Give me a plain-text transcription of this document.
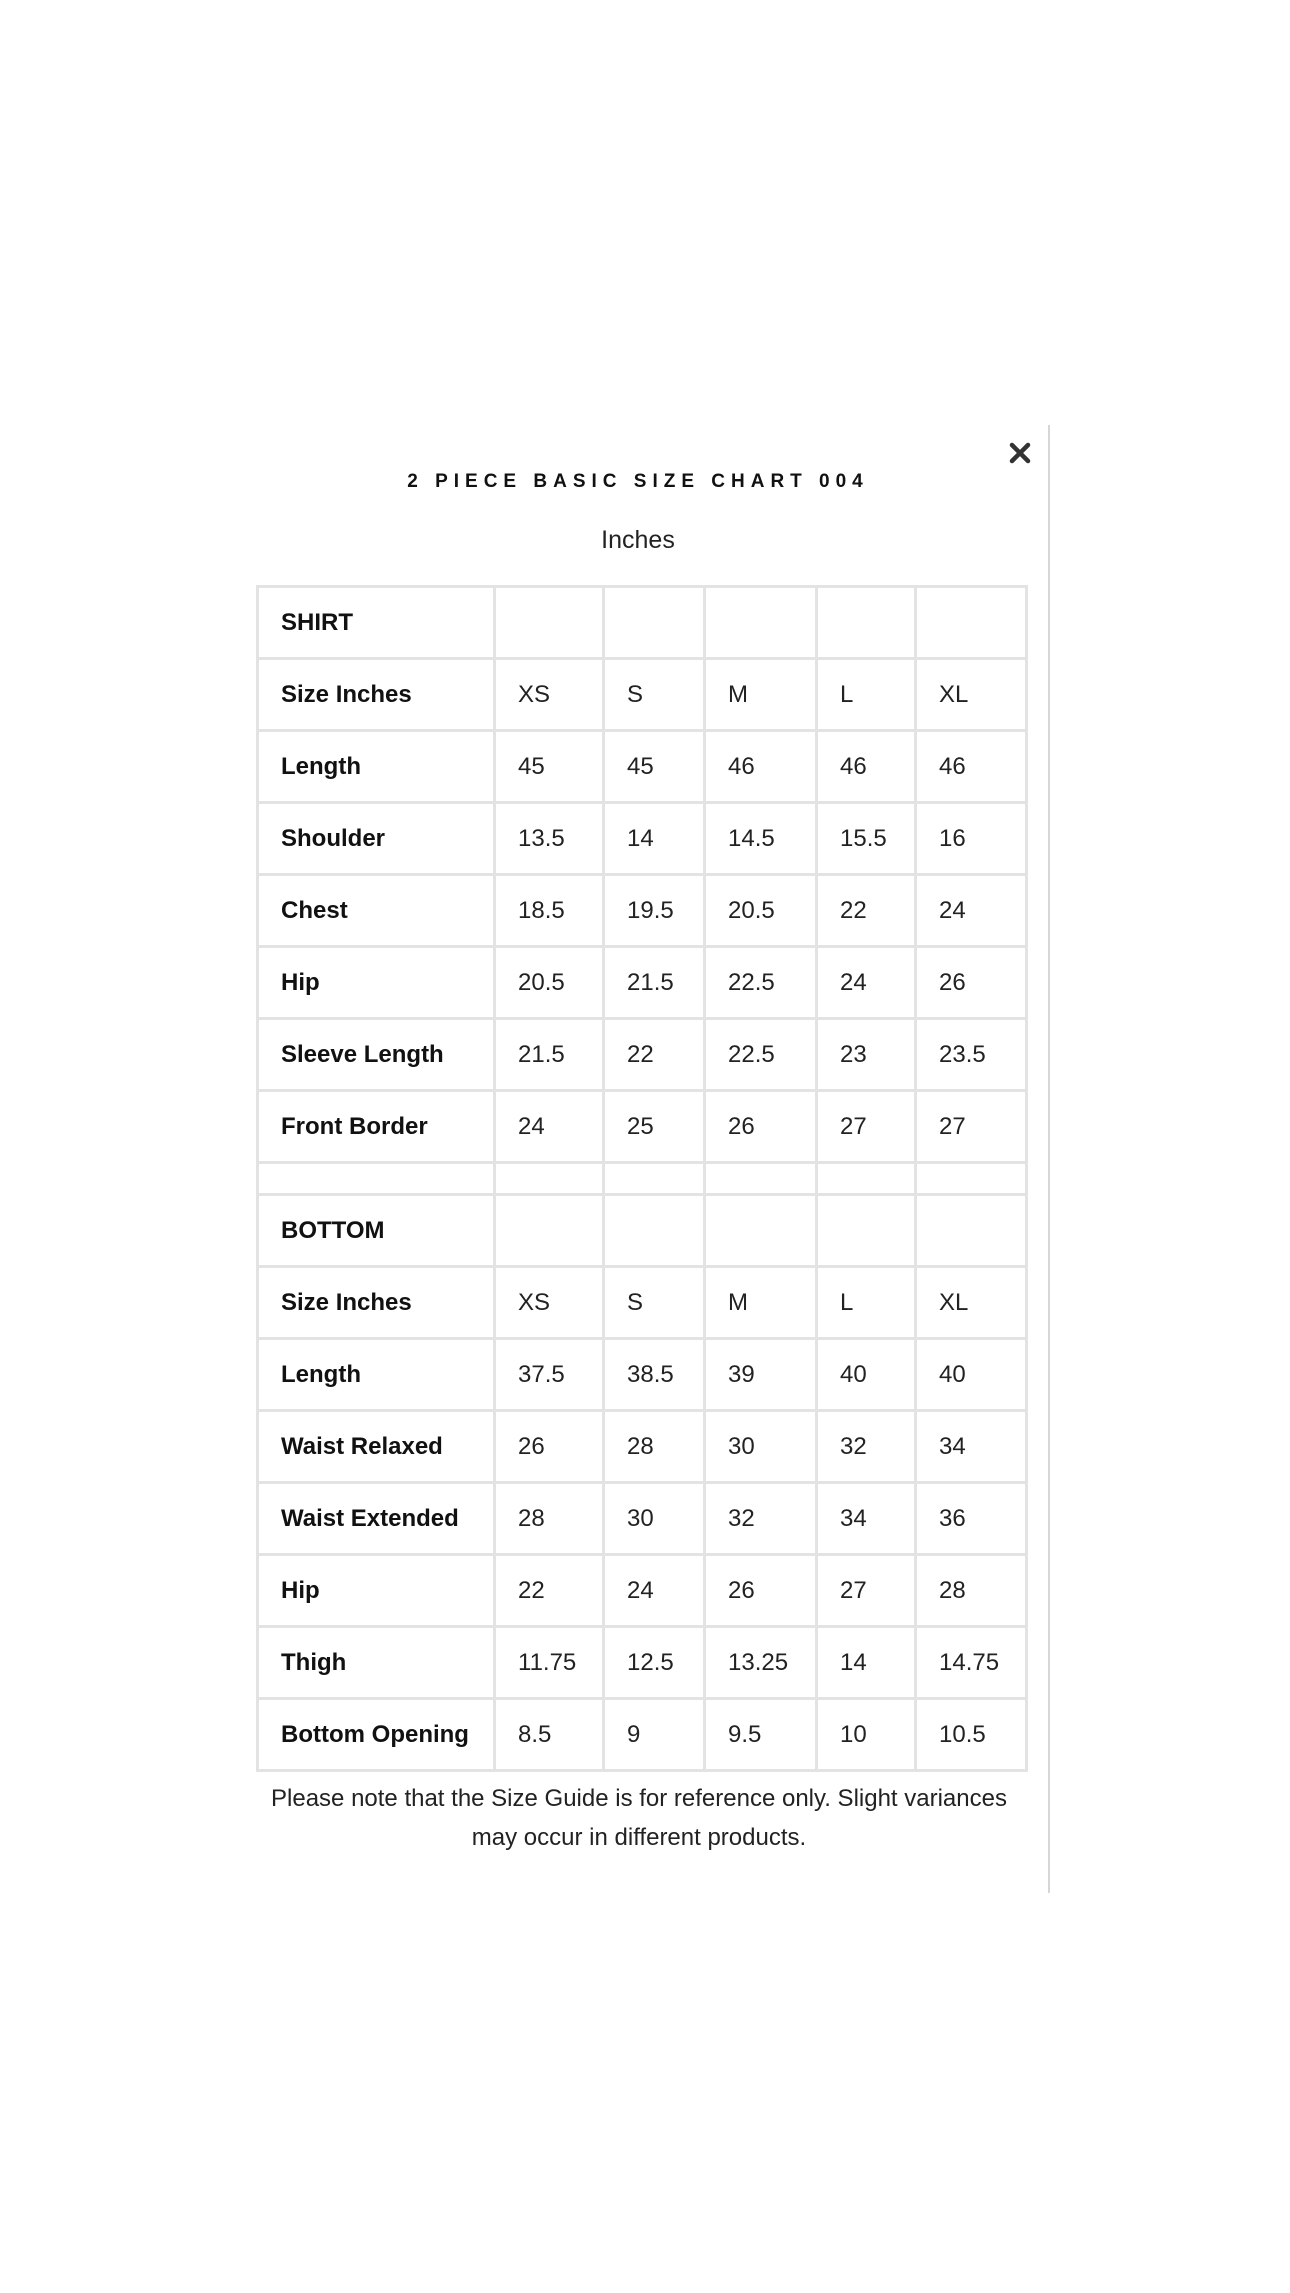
2 PIECE BASIC SIZE CHART 004
Inches
SHIRT					
Size Inches	XS	S	M	L	XL
Length	45	45	46	46	46
Shoulder	13.5	14	14.5	15.5	16
Chest	18.5	19.5	20.5	22	24
Hip	20.5	21.5	22.5	24	26
Sleeve Length	21.5	22	22.5	23	23.5
Front Border	24	25	26	27	27

BOTTOM					
Size Inches	XS	S	M	L	XL
Length	37.5	38.5	39	40	40
Waist Relaxed	26	28	30	32	34
Waist Extended	28	30	32	34	36
Hip	22	24	26	27	28
Thigh	11.75	12.5	13.25	14	14.75
Bottom Opening	8.5	9	9.5	10	10.5
Please note that the Size Guide is for reference only. Slight variances may occur in different products.
